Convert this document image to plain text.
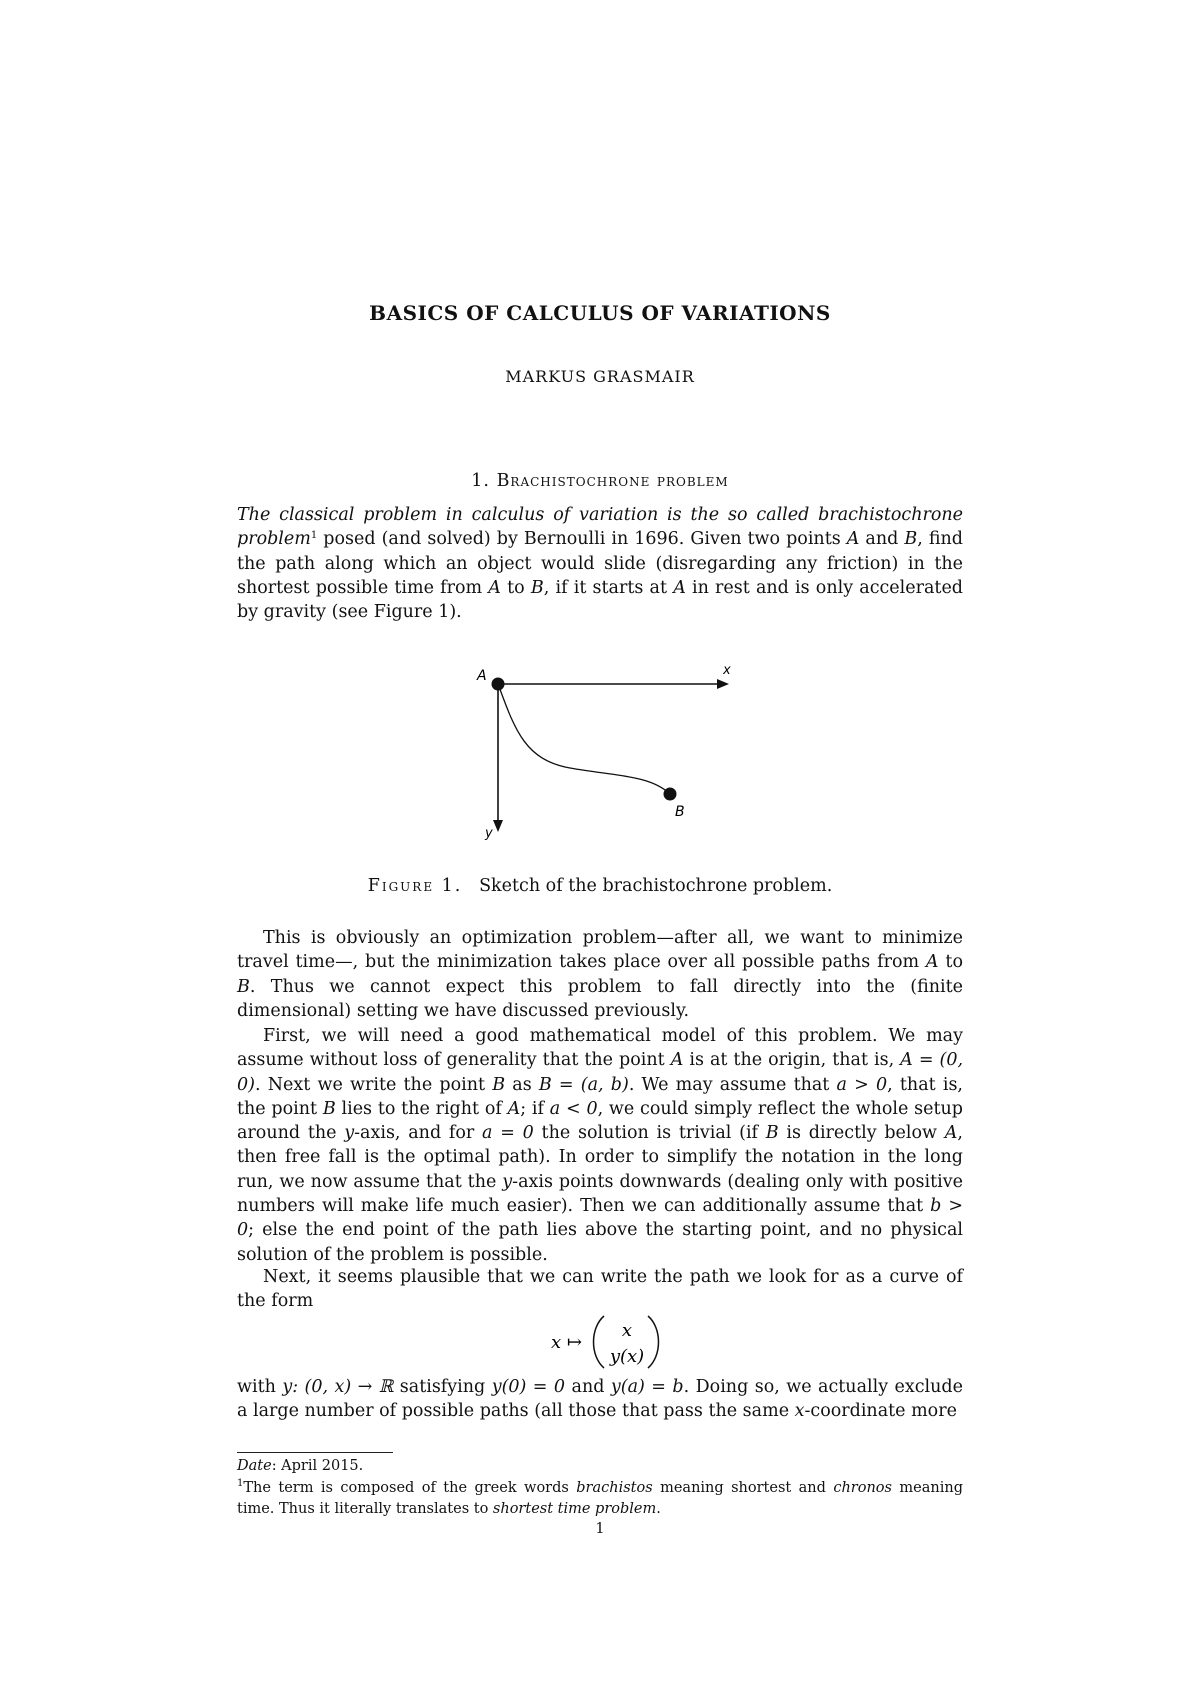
BASICS OF CALCULUS OF VARIATIONS
MARKUS GRASMAIR
1. Brachistochrone problem

The classical problem in calculus of variation is the so called brachistochrone problem$^1$ posed (and solved) by Bernoulli in 1696. Given two points A and B, find the path along which an object would slide (disregarding any friction) in the shortest possible time from A to B, if it starts at A in rest and is only accelerated by gravity (see Figure 1).

A
B
x
y
Figure 1. Sketch of the brachistochrone problem.

This is obviously an optimization problem—after all, we want to minimize travel time—, but the minimization takes place over all possible paths from A to B. Thus we cannot expect this problem to fall directly into the (finite dimensional) setting we have discussed previously.

First, we will need a good mathematical model of this problem. We may assume without loss of generality that the point A is at the origin, that is, A = (0, 0). Next we write the point B as B = (a, b). We may assume that a > 0, that is, the point B lies to the right of A; if a < 0, we could simply reflect the whole setup around the y-axis, and for a = 0 the solution is trivial (if B is directly below A, then free fall is the optimal path). In order to simplify the notation in the long run, we now assume that the y-axis points downwards (dealing only with positive numbers will make life much easier). Then we can additionally assume that b > 0; else the end point of the path lies above the starting point, and no physical solution of the problem is possible.

Next, it seems plausible that we can write the path we look for as a curve of the form

x ↦
x
y(x)

with y: (0, x) → ℝ satisfying y(0) = 0 and y(a) = b. Doing so, we actually exclude a large number of possible paths (all those that pass the same x-coordinate more

Date: April 2015.
$^1$The term is composed of the greek words brachistos meaning shortest and chronos meaning time. Thus it literally translates to shortest time problem.
1
